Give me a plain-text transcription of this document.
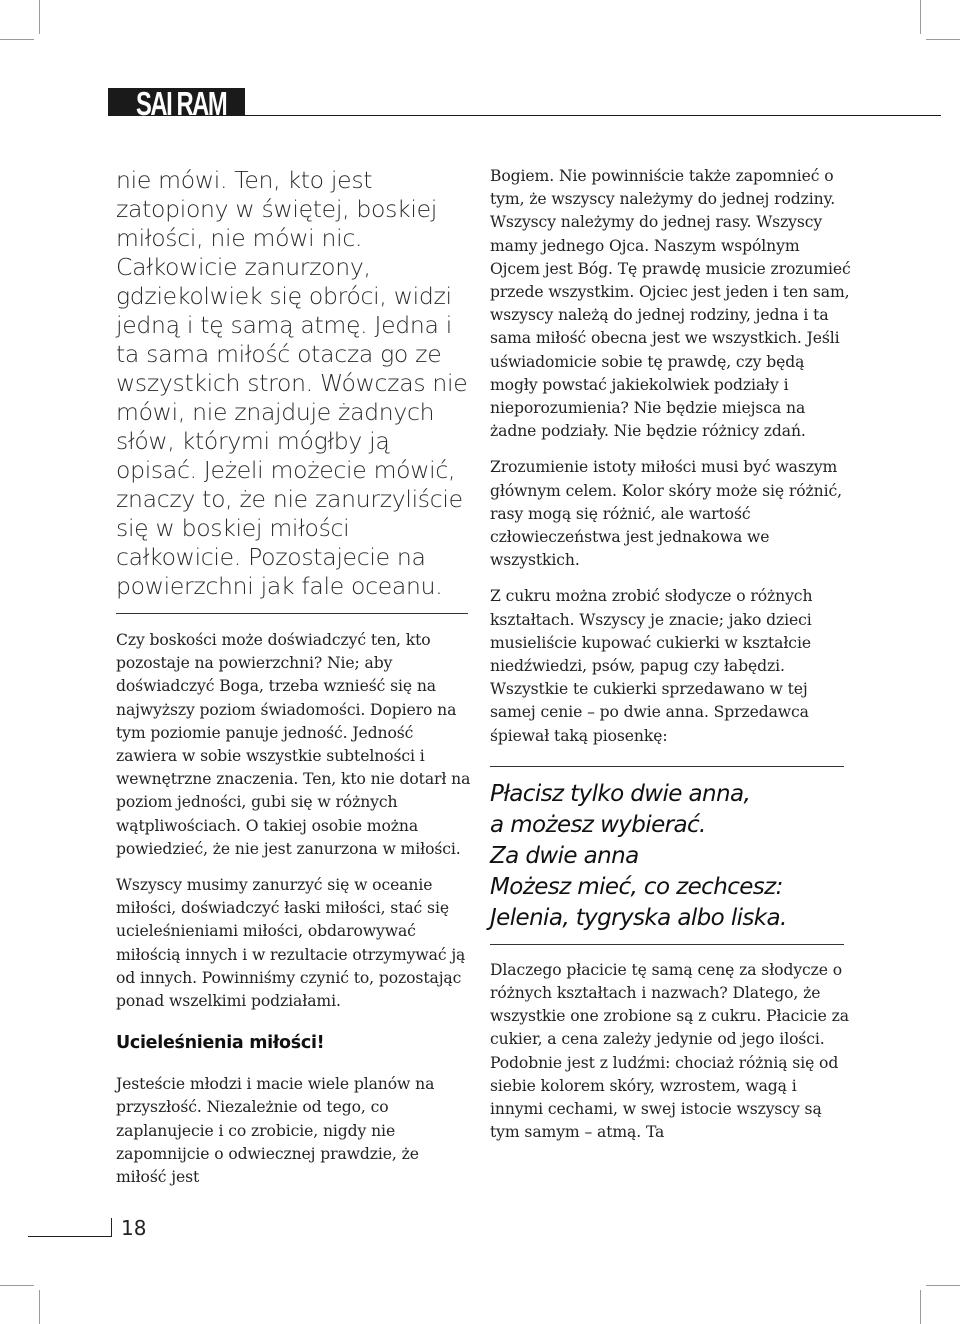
SAI RAM

nie mówi. Ten, kto jest zatopiony w świętej, boskiej miłości, nie mówi nic. Całkowicie zanurzony, gdziekolwiek się obróci, widzi jedną i tę samą atmę. Jedna i ta sama miłość otacza go ze wszystkich stron. Wówczas nie mówi, nie znajduje żadnych słów, którymi mógłby ją opisać. Jeżeli możecie mówić, znaczy to, że nie zanurzyliście się w boskiej miłości całkowicie. Pozostajecie na powierzchni jak fale oceanu.

Czy boskości może doświadczyć ten, kto pozostaje na powierzchni? Nie; aby doświadczyć Boga, trzeba wznieść się na najwyższy poziom świadomości. Dopiero na tym poziomie panuje jedność. Jedność zawiera w sobie wszystkie subtelności i wewnętrzne znaczenia. Ten, kto nie dotarł na poziom jedności, gubi się w różnych wątpliwościach. O takiej osobie można powiedzieć, że nie jest zanurzona w miłości.

Wszyscy musimy zanurzyć się w oceanie miłości, doświadczyć łaski miłości, stać się ucieleśnieniami miłości, obdarowywać miłością innych i w rezultacie otrzymywać ją od innych. Powinniśmy czynić to, pozostając ponad wszelkimi podziałami.

Ucieleśnienia miłości!

Jesteście młodzi i macie wiele planów na przyszłość. Niezależnie od tego, co zaplanujecie i co zrobicie, nigdy nie zapomnijcie o odwiecznej prawdzie, że miłość jest

Bogiem. Nie powinniście także zapomnieć o tym, że wszyscy należymy do jednej rodziny. Wszyscy należymy do jednej rasy. Wszyscy mamy jednego Ojca. Naszym wspólnym Ojcem jest Bóg. Tę prawdę musicie zrozumieć przede wszystkim. Ojciec jest jeden i ten sam, wszyscy należą do jednej rodziny, jedna i ta sama miłość obecna jest we wszystkich. Jeśli uświadomicie sobie tę prawdę, czy będą mogły powstać jakiekolwiek podziały i nieporozumienia? Nie będzie miejsca na żadne podziały. Nie będzie różnicy zdań.

Zrozumienie istoty miłości musi być waszym głównym celem. Kolor skóry może się różnić, rasy mogą się różnić, ale wartość człowieczeństwa jest jednakowa we wszystkich.

Z cukru można zrobić słodycze o różnych kształtach. Wszyscy je znacie; jako dzieci musieliście kupować cukierki w kształcie niedźwiedzi, psów, papug czy łabędzi. Wszystkie te cukierki sprzedawano w tej samej cenie – po dwie anna. Sprzedawca śpiewał taką piosenkę:

Płacisz tylko dwie anna,

a możesz wybierać.

Za dwie anna

Możesz mieć, co zechcesz:

Jelenia, tygryska albo liska.

Dlaczego płacicie tę samą cenę za słodycze o różnych kształtach i nazwach? Dlatego, że wszystkie one zrobione są z cukru. Płacicie za cukier, a cena zależy jedynie od jego ilości. Podobnie jest z ludźmi: chociaż różnią się od siebie kolorem skóry, wzrostem, wagą i innymi cechami, w swej istocie wszyscy są tym samym – atmą. Ta

18
